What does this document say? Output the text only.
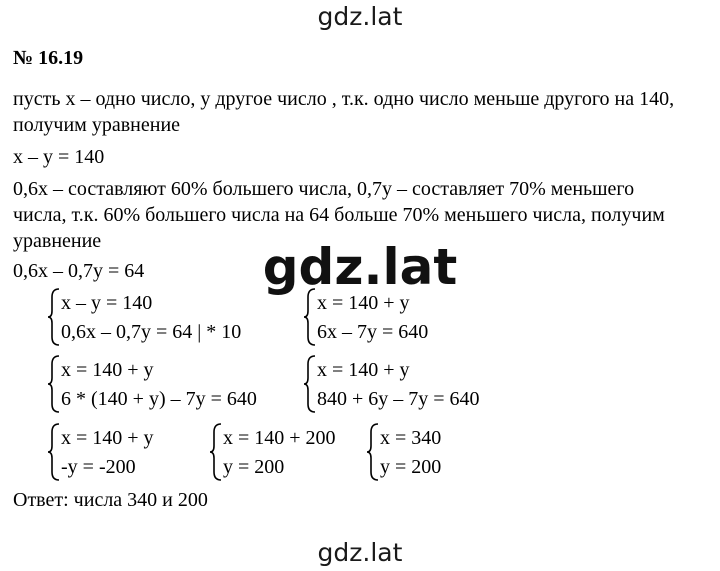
gdz.lat
№ 16.19
пусть х – одно число, у другое число , т.к. одно число меньше другого на 140,
получим уравнение
х – у = 140
0,6х – составляют 60% большего числа, 0,7у – составляет 70% меньшего
числа, т.к. 60% большего числа на 64 больше 70% меньшего числа, получим
уравнение	gdz.lat
0,6х – 0,7у = 64
х – у = 140
0,6х – 0,7у = 64 | * 10
х = 140 + у
6х – 7у = 640
х = 140 + у
6 * (140 + у) – 7у = 640
х = 140 + у
840 + 6у – 7у = 640
х = 140 + у
-у = -200
х = 140 + 200
у = 200
х = 340
у = 200
Ответ: числа 340 и 200
gdz.lat
